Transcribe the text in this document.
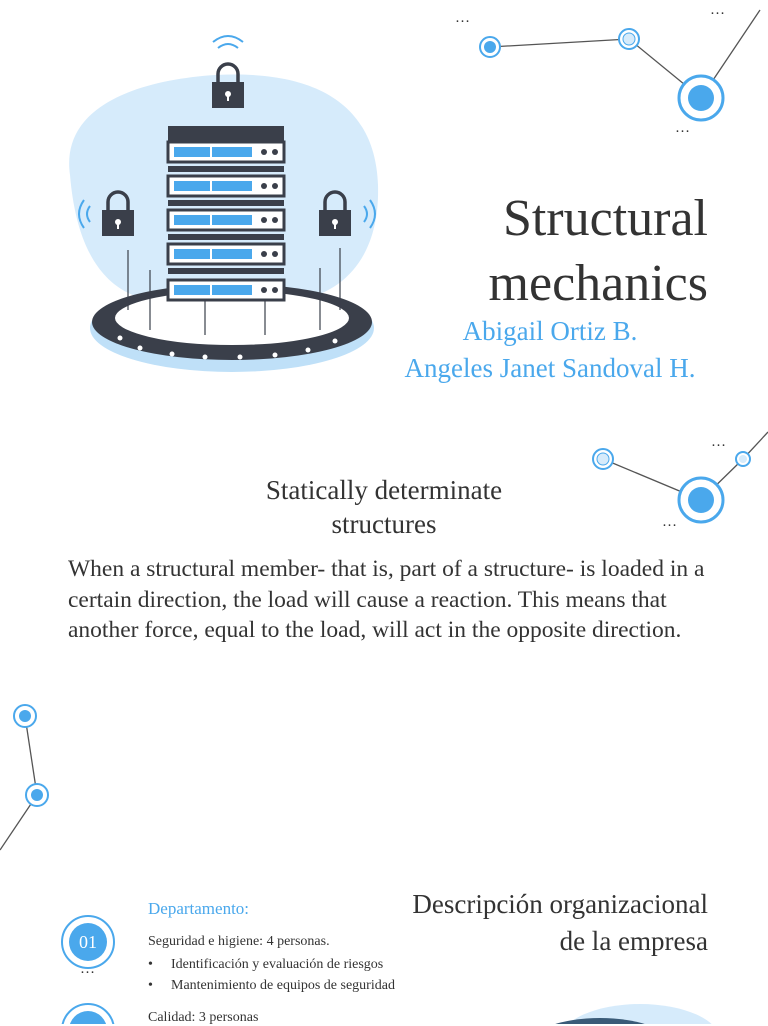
…	…
…
…
…
…
Structural
mechanics
Abigail Ortiz B.
Angeles Janet Sandoval H.
Statically determinate
structures
When a structural member- that is, part of a structure- is loaded in a certain direction, the load will cause a reaction. This means that another force, equal to the load, will act in the opposite direction.
Descripción organizacional
de la empresa
Departamento:
01	Seguridad e higiene: 4 personas.
• Identificación y evaluación de riesgos
• Mantenimiento de equipos de seguridad
Calidad: 3 personas
